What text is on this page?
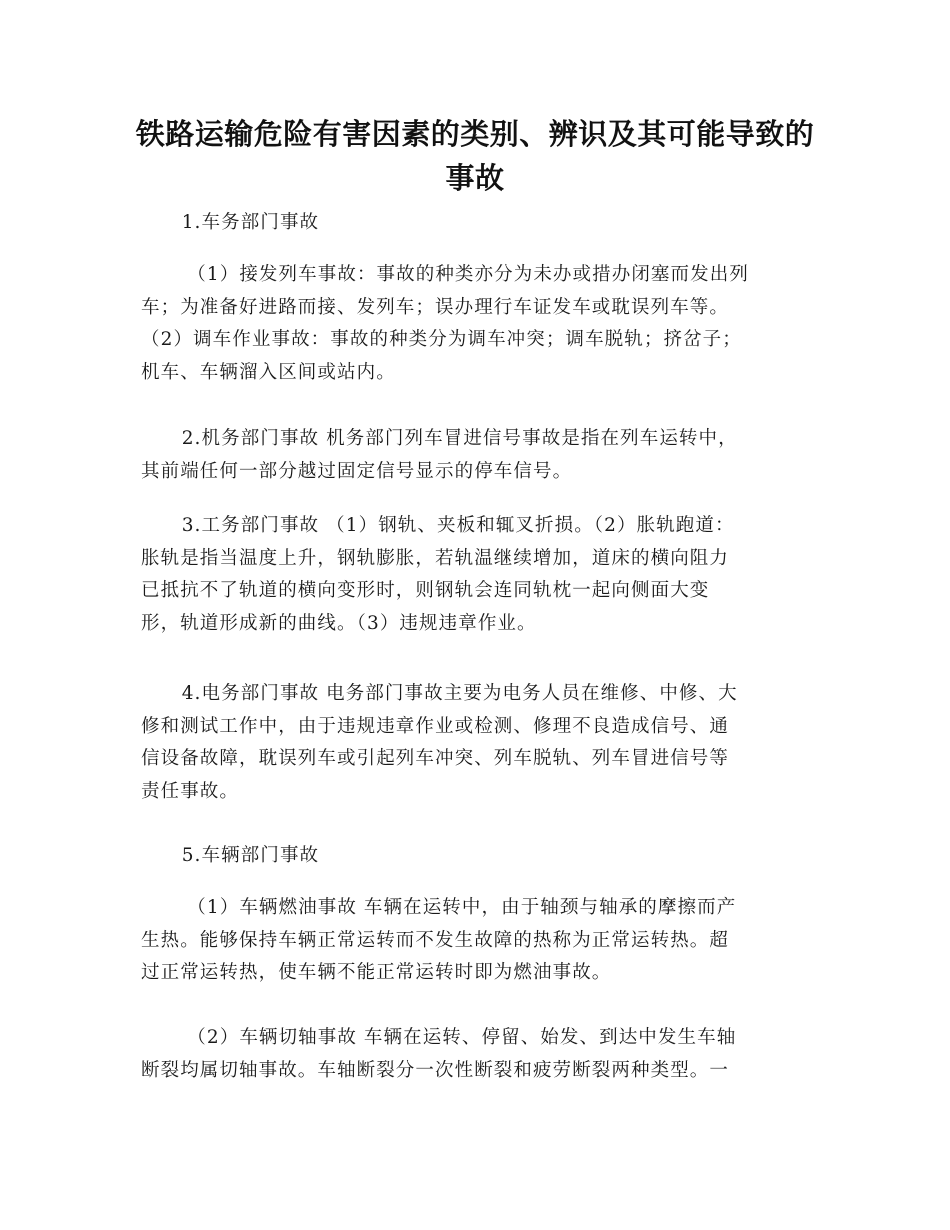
铁路运输危险有害因素的类别、辨识及其可能导致的事故

1.车务部门事故

（1）接发列车事故：事故的种类亦分为未办或措办闭塞而发出列
车；为准备好进路而接、发列车；误办理行车证发车或耽误列车等。
（2）调车作业事故：事故的种类分为调车冲突；调车脱轨；挤岔子；
机车、车辆溜入区间或站内。

2.机务部门事故 机务部门列车冒进信号事故是指在列车运转中，
其前端任何一部分越过固定信号显示的停车信号。

3.工务部门事故 （1）钢轨、夹板和辄叉折损。（2）胀轨跑道：
胀轨是指当温度上升，钢轨膨胀，若轨温继续增加，道床的横向阻力
已抵抗不了轨道的横向变形时，则钢轨会连同轨枕一起向侧面大变
形，轨道形成新的曲线。（3）违规违章作业。

4.电务部门事故 电务部门事故主要为电务人员在维修、中修、大
修和测试工作中，由于违规违章作业或检测、修理不良造成信号、通
信设备故障，耽误列车或引起列车冲突、列车脱轨、列车冒进信号等
责任事故。

5.车辆部门事故

（1）车辆燃油事故 车辆在运转中，由于轴颈与轴承的摩擦而产
生热。能够保持车辆正常运转而不发生故障的热称为正常运转热。超
过正常运转热，使车辆不能正常运转时即为燃油事故。

（2）车辆切轴事故 车辆在运转、停留、始发、到达中发生车轴
断裂均属切轴事故。车轴断裂分一次性断裂和疲劳断裂两种类型。一
